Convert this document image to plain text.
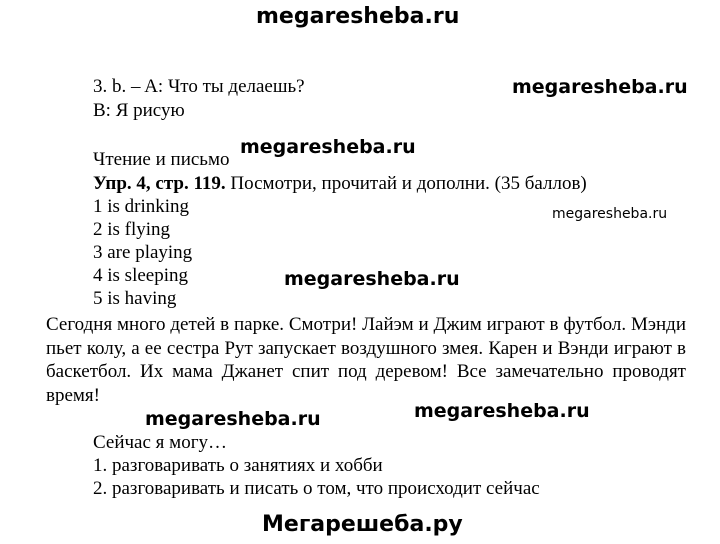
megaresheba.ru
megaresheba.ru
megaresheba.ru
megaresheba.ru
megaresheba.ru
megaresheba.ru	megaresheba.ru
Мегарешеба.ру
3. b. – A: Что ты делаешь?
B: Я рисую
Чтение и письмо
Упр. 4, стр. 119. Посмотри, прочитай и дополни. (35 баллов)
1 is drinking
2 is flying
3 are playing
4 is sleeping
5 is having
Сегодня много детей в парке. Смотри! Лайэм и Джим играют в футбол. Мэнди пьет колу, а ее сестра Рут запускает воздушного змея. Карен и Вэнди играют в баскетбол. Их мама Джанет спит под деревом! Все замечательно проводят время!
Сейчас я могу…
1. разговаривать о занятиях и хобби
2. разговаривать и писать о том, что происходит сейчас
